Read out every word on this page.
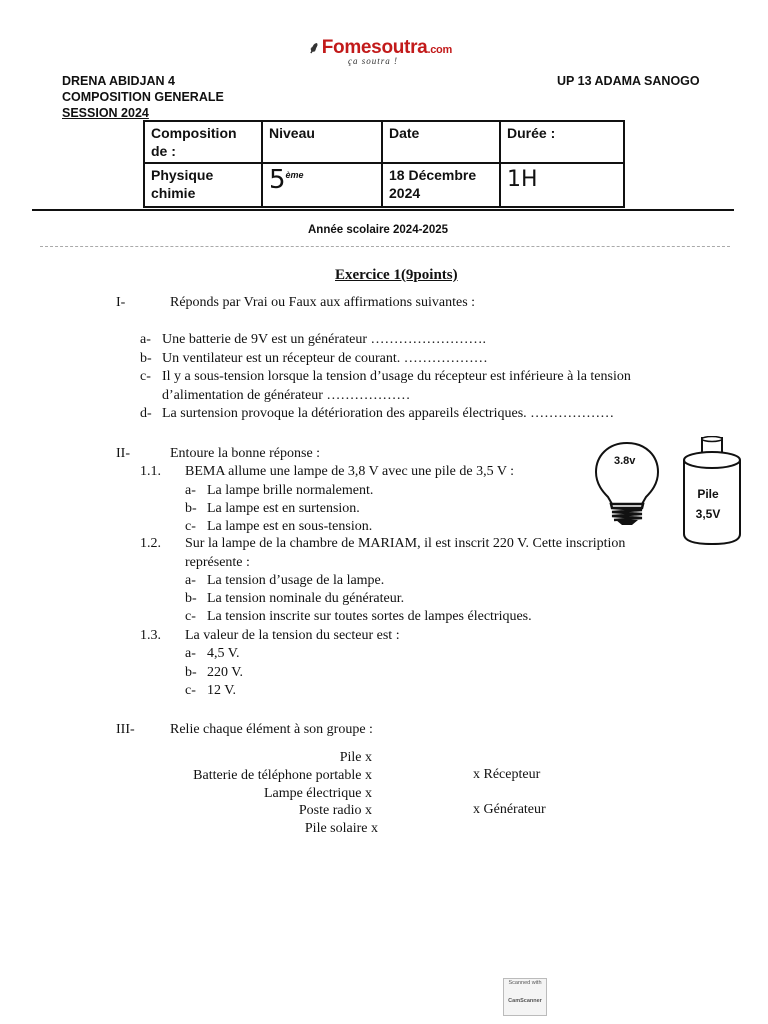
⸙ Fomesoutra.com
ça soutra !
DRENA ABIDJAN 4
COMPOSITION GENERALE
SESSION 2024
UP 13 ADAMA SANOGO
Composition de :	Niveau	Date	Durée :
Physique chimie	5ème	18 Décembre 2024	1H
Année scolaire 2024-2025
Exercice 1(9points)
I-	Réponds par Vrai ou Faux aux affirmations suivantes :
a- Une batterie de 9V est un générateur …………………….
b- Un ventilateur est un récepteur de courant. ………………
c- Il y a sous-tension lorsque la tension d’usage du récepteur est inférieure à la tension
d’alimentation de générateur ………………
d- La surtension provoque la détérioration des appareils électriques. ………………
II-	Entoure la bonne réponse :
1.1. BEMA allume une lampe de 3,8 V avec une pile de 3,5 V :
a- La lampe brille normalement.
b- La lampe est en surtension.
c- La lampe est en sous-tension.
1.2. Sur la lampe de la chambre de MARIAM, il est inscrit 220 V. Cette inscription
représente :
a- La tension d’usage de la lampe.
b- La tension nominale du générateur.
c- La tension inscrite sur toutes sortes de lampes électriques.
1.3. La valeur de la tension du secteur est :
a- 4,5 V.
b- 220 V.
c- 12 V.
3.8v
Pile
3,5V
III-	Relie chaque élément à son groupe :
Pile x
Batterie de téléphone portable x
Lampe électrique x
Poste radio x
Pile solaire x
x Récepteur
x Générateur
Scanned with
CamScanner
